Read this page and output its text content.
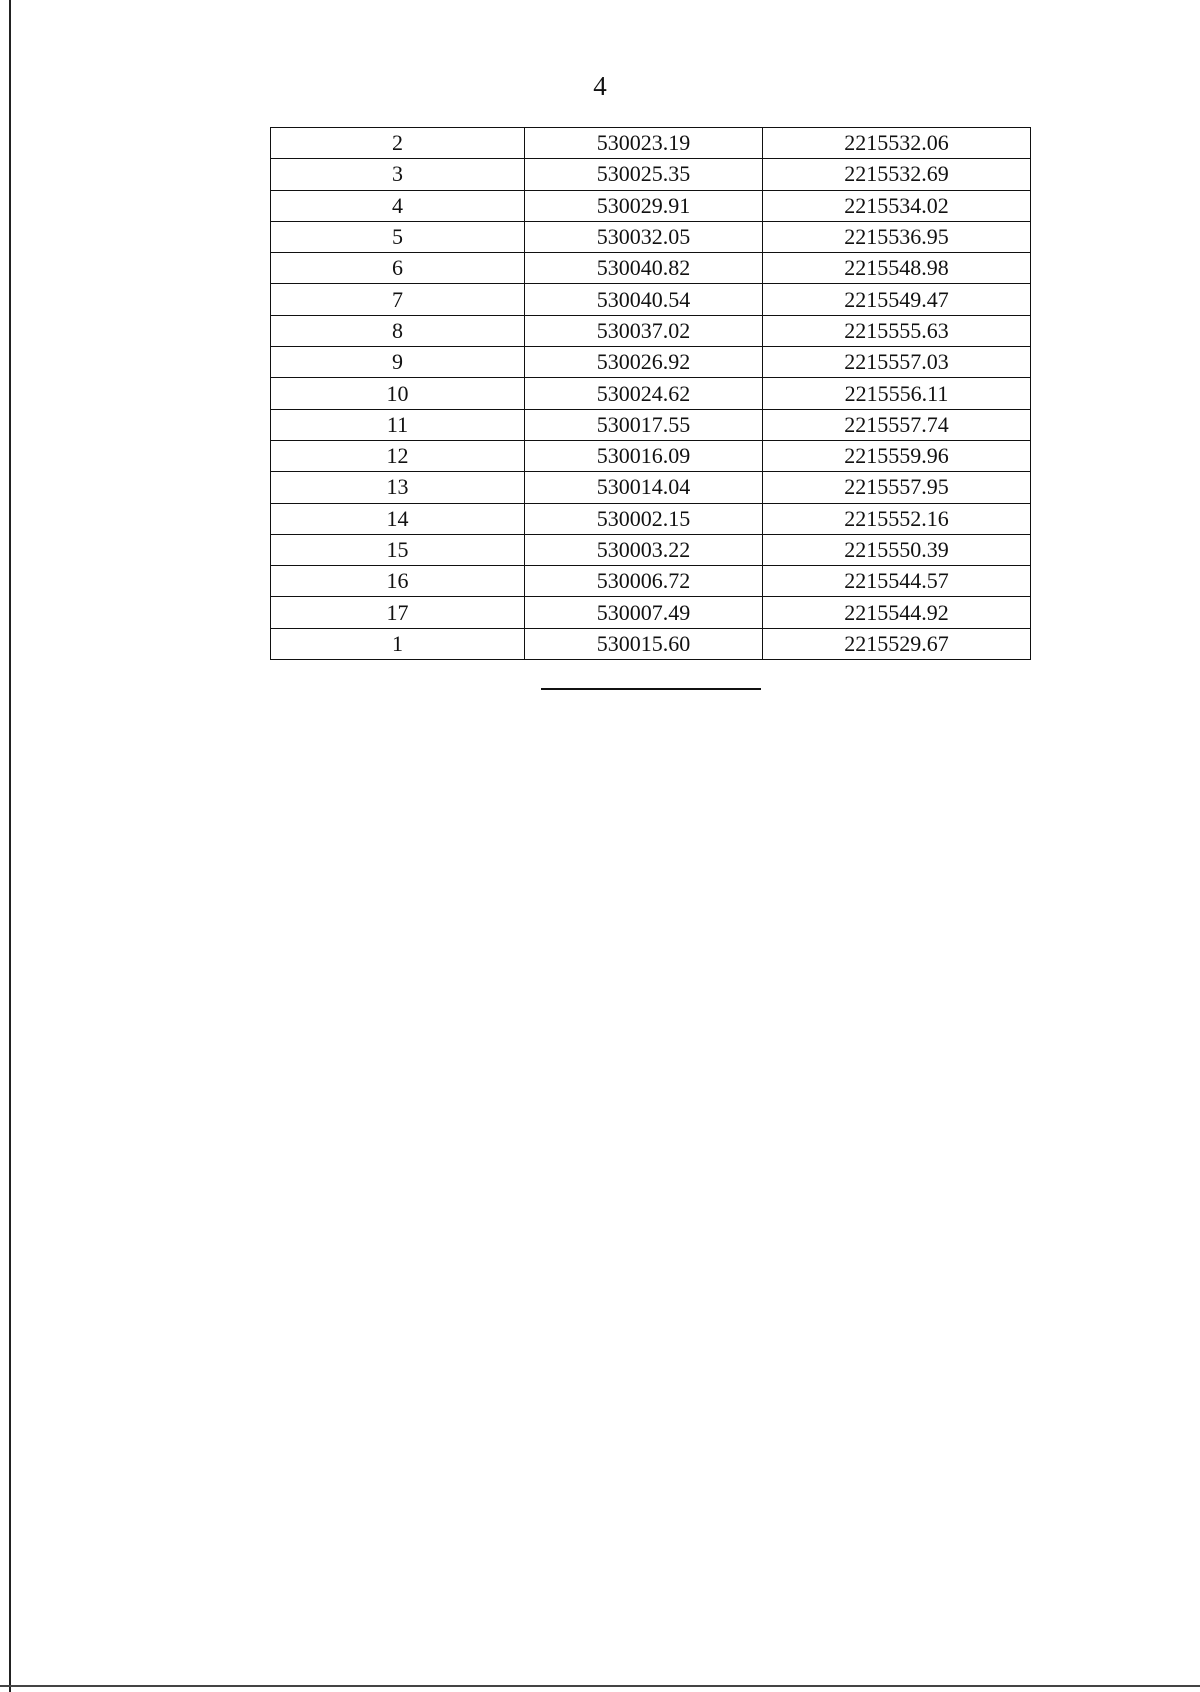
4
2	530023.19	2215532.06
3	530025.35	2215532.69
4	530029.91	2215534.02
5	530032.05	2215536.95
6	530040.82	2215548.98
7	530040.54	2215549.47
8	530037.02	2215555.63
9	530026.92	2215557.03
10	530024.62	2215556.11
11	530017.55	2215557.74
12	530016.09	2215559.96
13	530014.04	2215557.95
14	530002.15	2215552.16
15	530003.22	2215550.39
16	530006.72	2215544.57
17	530007.49	2215544.92
1	530015.60	2215529.67
